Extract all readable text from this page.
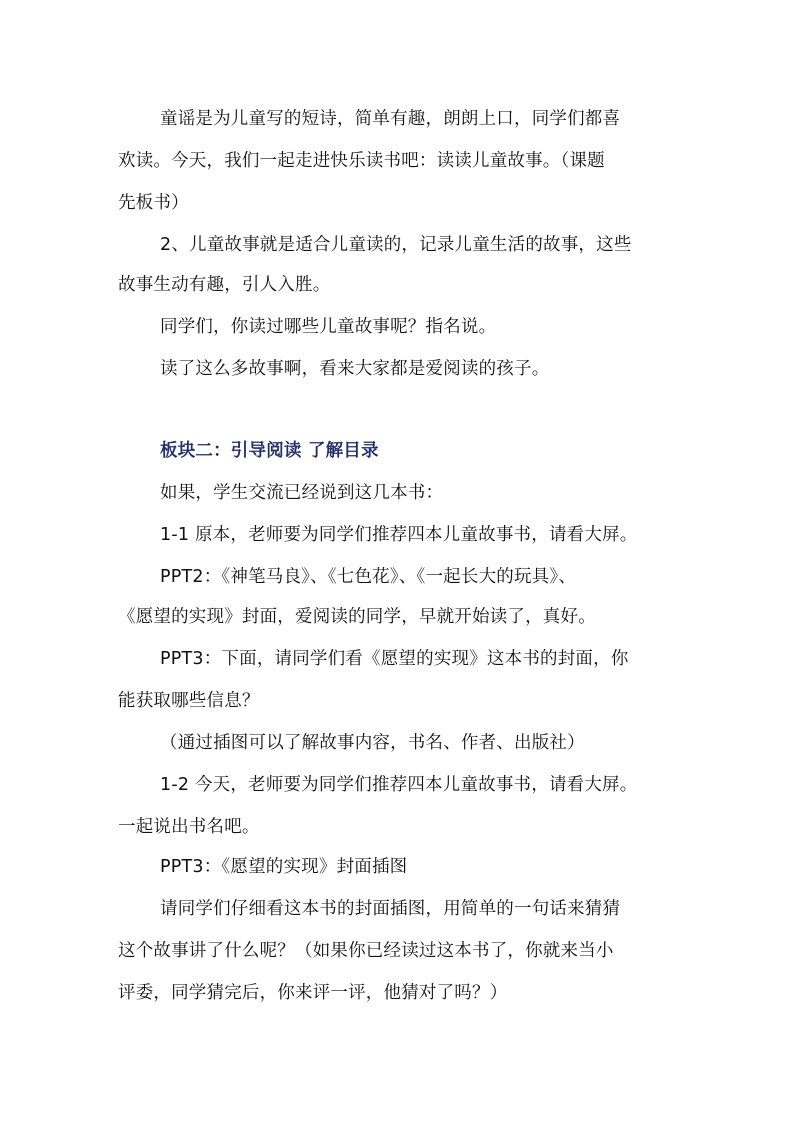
童谣是为儿童写的短诗，简单有趣，朗朗上口，同学们都喜
欢读。今天，我们一起走进快乐读书吧：读读儿童故事。（课题
先板书）
2、儿童故事就是适合儿童读的，记录儿童生活的故事，这些
故事生动有趣，引人入胜。
同学们，你读过哪些儿童故事呢？指名说。
读了这么多故事啊，看来大家都是爱阅读的孩子。
板块二：引导阅读 了解目录
如果，学生交流已经说到这几本书：
1-1 原本，老师要为同学们推荐四本儿童故事书，请看大屏。
PPT2：《神笔马良》、《七色花》、《一起长大的玩具》、
《愿望的实现》封面，爱阅读的同学，早就开始读了，真好。
PPT3：下面，请同学们看《愿望的实现》这本书的封面，你
能获取哪些信息？
（通过插图可以了解故事内容，书名、作者、出版社）
1-2 今天，老师要为同学们推荐四本儿童故事书，请看大屏。
一起说出书名吧。
PPT3：《愿望的实现》封面插图
请同学们仔细看这本书的封面插图，用简单的一句话来猜猜
这个故事讲了什么呢？（如果你已经读过这本书了，你就来当小
评委，同学猜完后，你来评一评，他猜对了吗？）
